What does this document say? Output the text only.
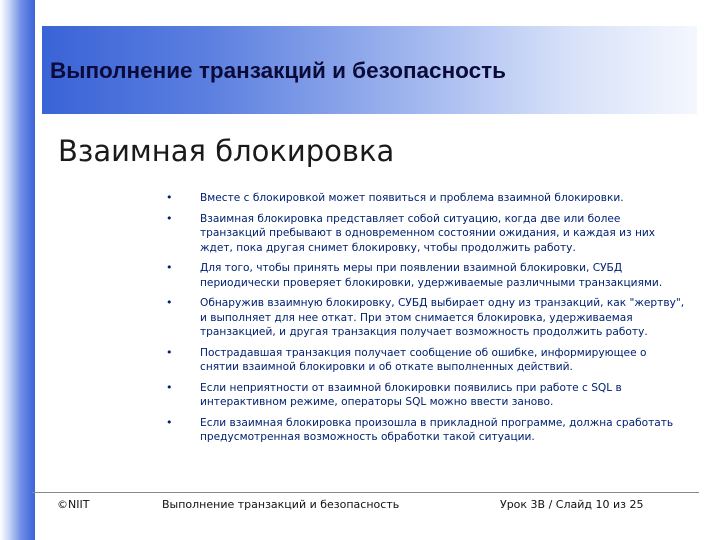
Выполнение транзакций и безопасность
Взаимная блокировка
•	Вместе с блокировкой может появиться и проблема взаимной блокировки.
•	Взаимная блокировка представляет собой ситуацию, когда две или более транзакций пребывают в одновременном состоянии ожидания, и каждая из них ждет, пока другая снимет блокировку, чтобы продолжить работу.
•	Для того, чтобы принять меры при появлении взаимной блокировки, СУБД периодически проверяет блокировки, удерживаемые различными транзакциями.
•	Обнаружив взаимную блокировку, СУБД выбирает одну из транзакций, как "жертву", и выполняет для нее откат. При этом снимается блокировка, удерживаемая транзакцией, и другая транзакция получает возможность продолжить работу.
•	Пострадавшая транзакция получает сообщение об ошибке, информирующее о снятии взаимной блокировки и об откате выполненных действий.
•	Если неприятности от взаимной блокировки появились при работе с SQL в интерактивном режиме, операторы SQL можно ввести заново.
•	Если взаимная блокировка произошла в прикладной программе, должна сработать предусмотренная возможность обработки такой ситуации.
©NIIT	Выполнение транзакций и безопасность	Урок 3В / Слайд 10 из 25
